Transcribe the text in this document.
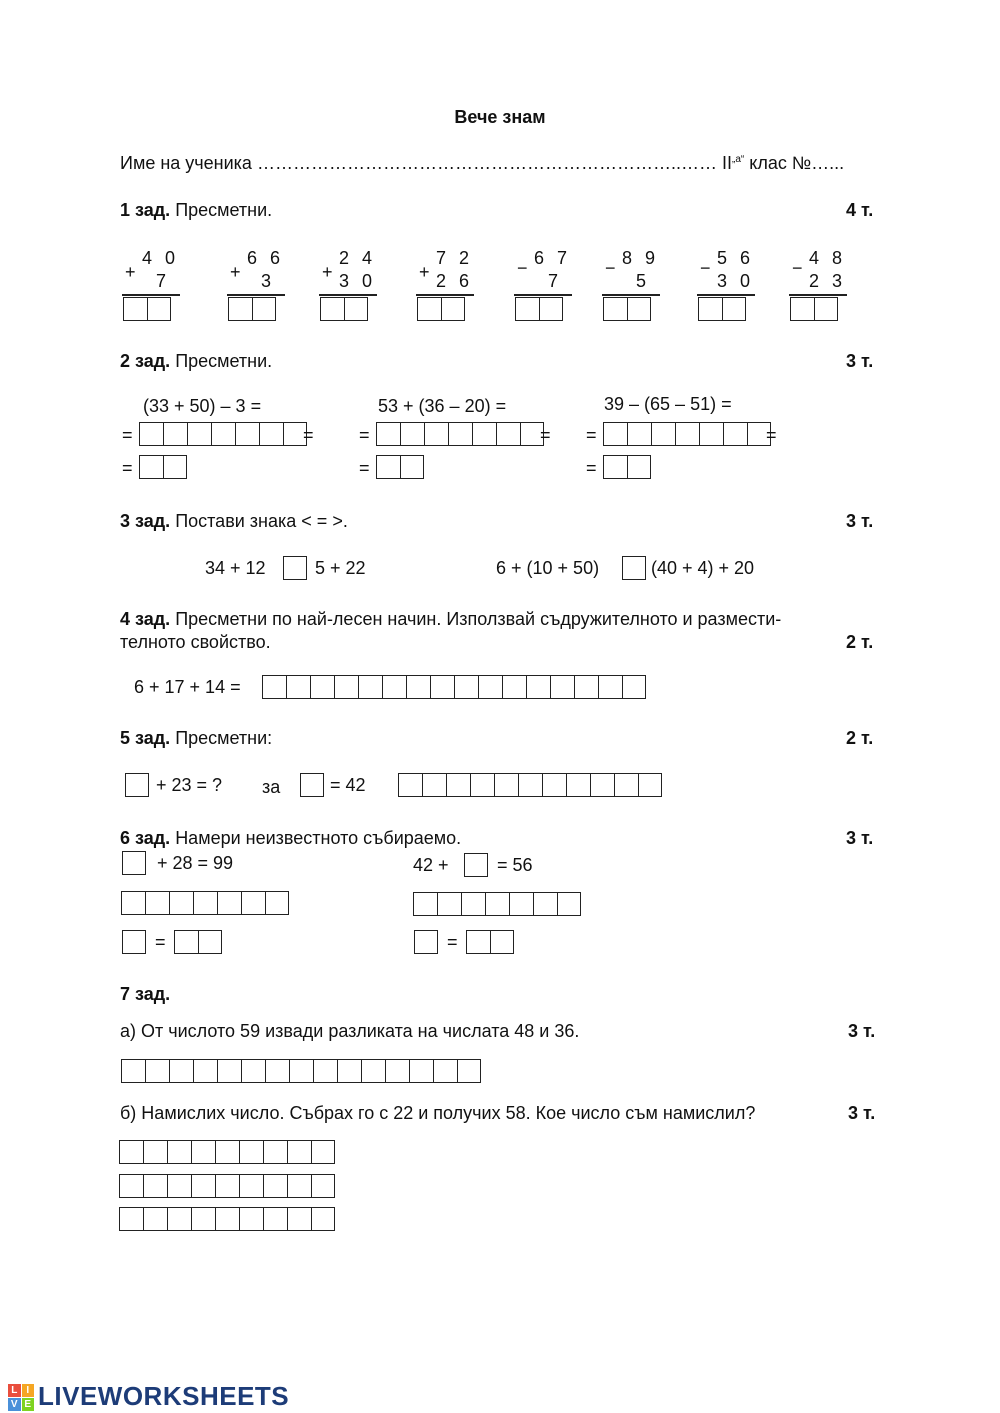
Вече знам
Име на ученика ……………………………………………………………..…… $II^{„а“}$ клас №…...
1 зад. Пресметни.	4 т.
4 0
+ 7
6 6
+ 3
2 4
+ 3 0
7 2
+ 2 6
6 7
−
7
8 9
−
5
5 6
−
3 0
4 8
−
2 3
2 зад. Пресметни.	3 т.
(33 + 50) – 3 =	53 + (36 – 20) =	39 – (65 – 51) =
=	=
=
=	=
=
=	=
=
3 зад. Постави знака < = >.	3 т.
34 + 12	5 + 22	6 + (10 + 50)	(40 + 4) + 20
4 зад. Пресметни по най-лесен начин. Използвай съдружителното и размести-
телното свойство.	2 т.
6 + 17 + 14 =
5 зад. Пресметни:	2 т.
+ 23 = ? за	= 42
6 зад. Намери неизвестното събираемо.	3 т.
+ 28 = 99
=
42 +	= 56
=
7 зад.
а) От числото 59 извади разликата на числата 48 и 36.	3 т.
б) Намислих число. Събрах го с 22 и получих 58. Кое число съм намислил?	3 т.
L I
V E LIVEWORKSHEETS
